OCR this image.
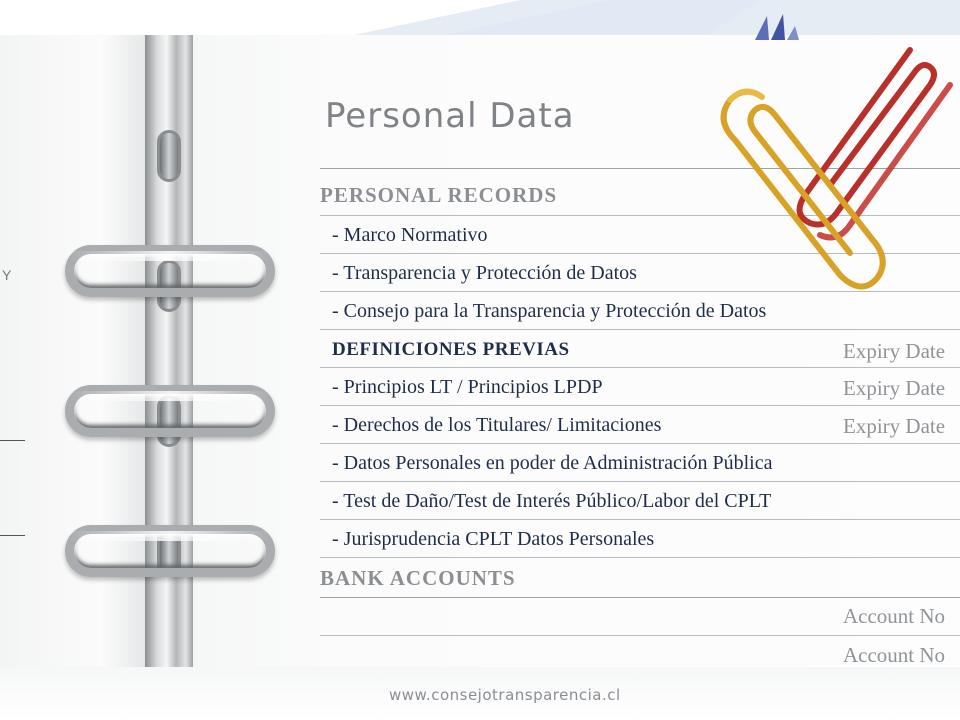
Y
Personal Data
PERSONAL RECORDS
- Marco Normativo
- Transparencia y Protección de Datos
- Consejo para la Transparencia y Protección de Datos
DEFINICIONES PREVIAS
- Principios LT / Principios LPDP
- Derechos de los Titulares/ Limitaciones
- Datos Personales en poder de Administración Pública
- Test de Daño/Test de Interés Público/Labor del CPLT
- Jurisprudencia CPLT Datos Personales
Expiry Date
Expiry Date
Expiry Date
BANK ACCOUNTS
Account No
Account No
www.consejotransparencia.cl
